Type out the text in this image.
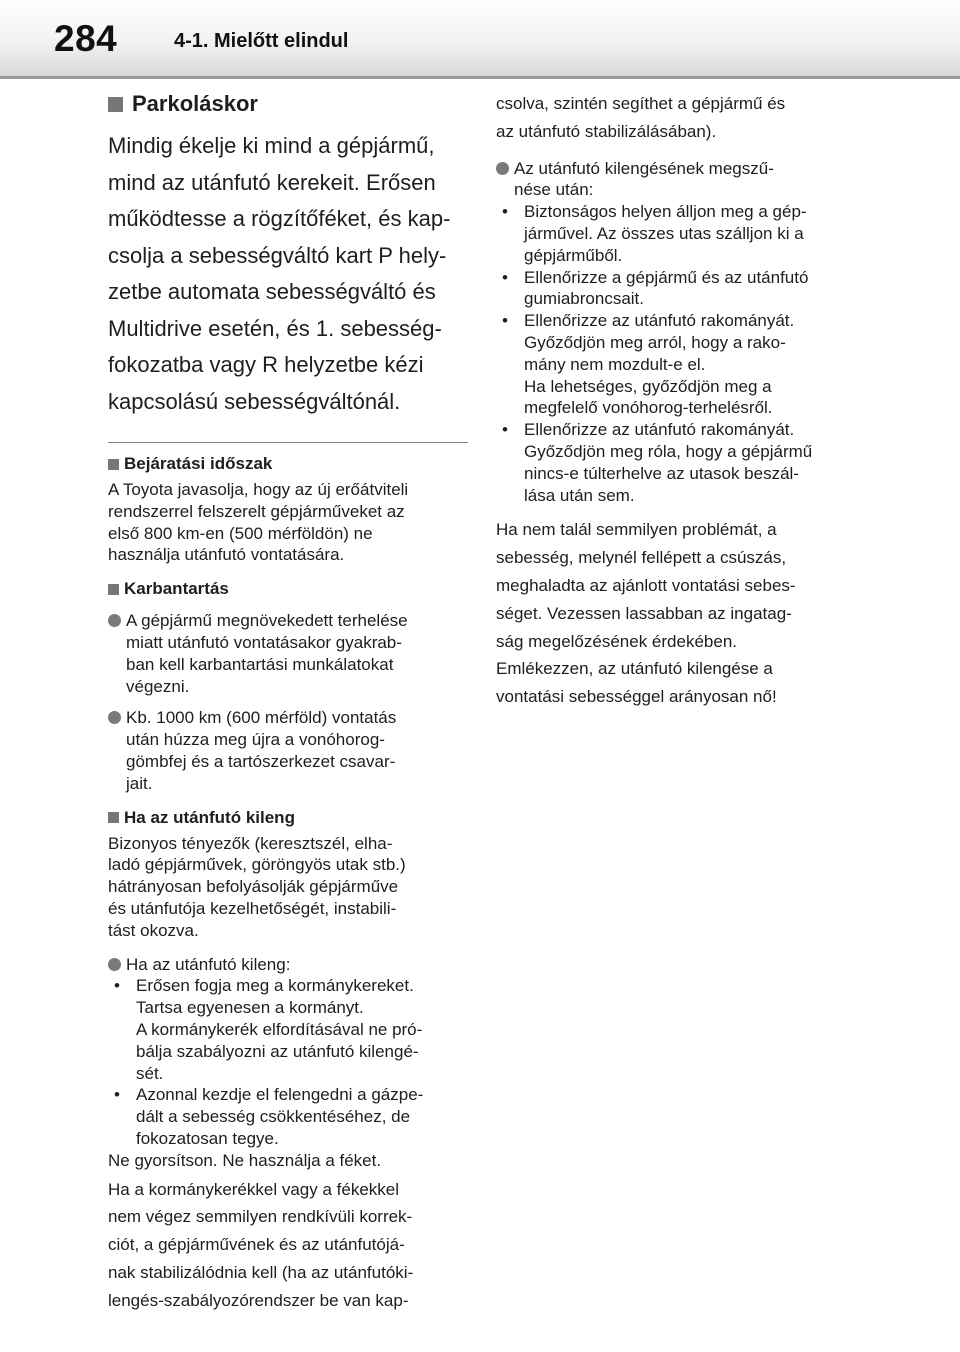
284	4-1. Mielőtt elindul
Parkoláskor
Mindig ékelje ki mind a gépjármű,
mind az utánfutó kerekeit. Erősen
működtesse a rögzítőféket, és kap-
csolja a sebességváltó kart P hely-
zetbe automata sebességváltó és
Multidrive esetén, és 1. sebesség-
fokozatba vagy R helyzetbe kézi
kapcsolású sebességváltónál.
Bejáratási időszak
A Toyota javasolja, hogy az új erőátviteli
rendszerrel felszerelt gépjárműveket az
első 800 km-en (500 mérföldön) ne
használja utánfutó vontatására.
Karbantartás
A gépjármű megnövekedett terhelése
miatt utánfutó vontatásakor gyakrab-
ban kell karbantartási munkálatokat
végezni.
Kb. 1000 km (600 mérföld) vontatás
után húzza meg újra a vonóhorog-
gömbfej és a tartószerkezet csavar-
jait.
Ha az utánfutó kileng
Bizonyos tényezők (keresztszél, elha-
ladó gépjárművek, göröngyös utak stb.)
hátrányosan befolyásolják gépjárműve
és utánfutója kezelhetőségét, instabili-
tást okozva.
Ha az utánfutó kileng:
• Erősen fogja meg a kormánykereket.
Tartsa egyenesen a kormányt.
A kormánykerék elfordításával ne pró-
bálja szabályozni az utánfutó kilengé-
sét.
• Azonnal kezdje el felengedni a gázpe-
dált a sebesség csökkentéséhez, de
fokozatosan tegye.
Ne gyorsítson. Ne használja a féket.
Ha a kormánykerékkel vagy a fékekkel
nem végez semmilyen rendkívüli korrek-
ciót, a gépjárművének és az utánfutójá-
nak stabilizálódnia kell (ha az utánfutóki-
lengés-szabályozórendszer be van kap-
csolva, szintén segíthet a gépjármű és
az utánfutó stabilizálásában).
Az utánfutó kilengésének megszű-
nése után:
• Biztonságos helyen álljon meg a gép-
járművel. Az összes utas szálljon ki a
gépjárműből.
• Ellenőrizze a gépjármű és az utánfutó
gumiabroncsait.
• Ellenőrizze az utánfutó rakományát.
Győződjön meg arról, hogy a rako-
mány nem mozdult-e el.
Ha lehetséges, győződjön meg a
megfelelő vonóhorog-terhelésről.
• Ellenőrizze az utánfutó rakományát.
Győződjön meg róla, hogy a gépjármű
nincs-e túlterhelve az utasok beszál-
lása után sem.
Ha nem talál semmilyen problémát, a
sebesség, melynél fellépett a csúszás,
meghaladta az ajánlott vontatási sebes-
séget. Vezessen lassabban az ingatag-
ság megelőzésének érdekében.
Emlékezzen, az utánfutó kilengése a
vontatási sebességgel arányosan nő!
